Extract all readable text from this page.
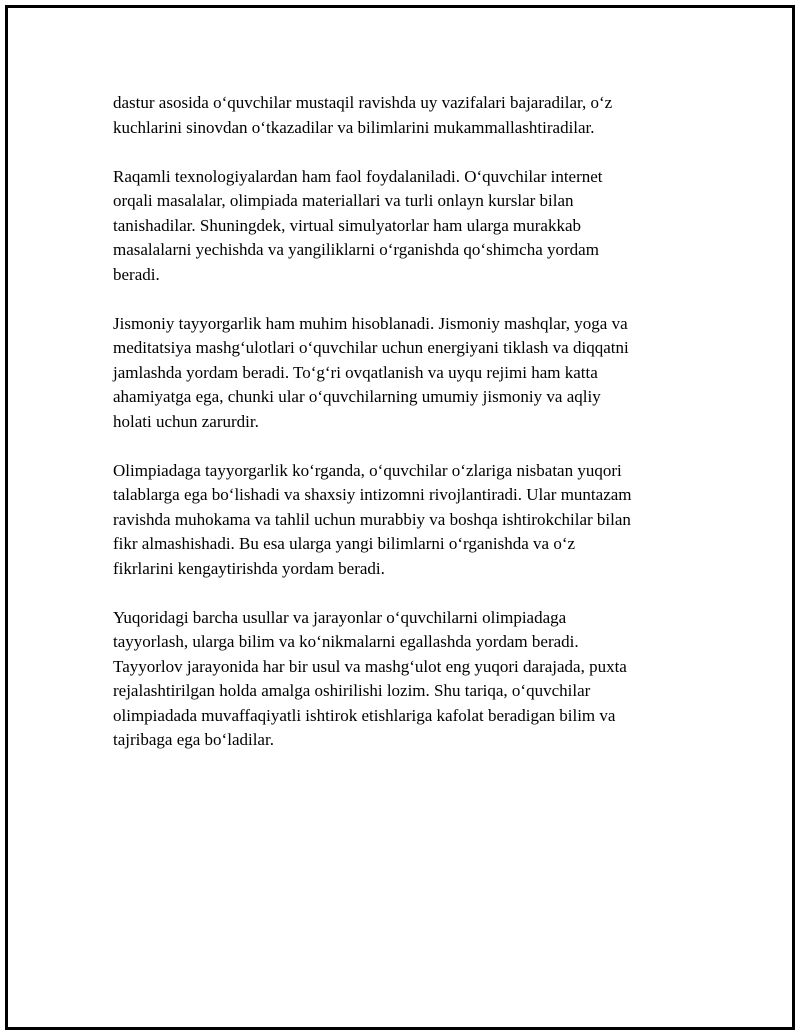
dastur asosida oʻquvchilar mustaqil ravishda uy vazifalari bajaradilar, oʻz
kuchlarini sinovdan oʻtkazadilar va bilimlarini mukammallashtiradilar.

Raqamli texnologiyalardan ham faol foydalaniladi. Oʻquvchilar internet
orqali masalalar, olimpiada materiallari va turli onlayn kurslar bilan
tanishadilar. Shuningdek, virtual simulyatorlar ham ularga murakkab
masalalarni yechishda va yangiliklarni oʻrganishda qoʻshimcha yordam
beradi.

Jismoniy tayyorgarlik ham muhim hisoblanadi. Jismoniy mashqlar, yoga va
meditatsiya mashgʻulotlari oʻquvchilar uchun energiyani tiklash va diqqatni
jamlashda yordam beradi. Toʻgʻri ovqatlanish va uyqu rejimi ham katta
ahamiyatga ega, chunki ular oʻquvchilarning umumiy jismoniy va aqliy
holati uchun zarurdir.

Olimpiadaga tayyorgarlik koʻrganda, oʻquvchilar oʻzlariga nisbatan yuqori
talablarga ega boʻlishadi va shaxsiy intizomni rivojlantiradi. Ular muntazam
ravishda muhokama va tahlil uchun murabbiy va boshqa ishtirokchilar bilan
fikr almashishadi. Bu esa ularga yangi bilimlarni oʻrganishda va oʻz
fikrlarini kengaytirishda yordam beradi.

Yuqoridagi barcha usullar va jarayonlar oʻquvchilarni olimpiadaga
tayyorlash, ularga bilim va koʻnikmalarni egallashda yordam beradi.
Tayyorlov jarayonida har bir usul va mashgʻulot eng yuqori darajada, puxta
rejalashtirilgan holda amalga oshirilishi lozim. Shu tariqa, oʻquvchilar
olimpiadada muvaffaqiyatli ishtirok etishlariga kafolat beradigan bilim va
tajribaga ega boʻladilar.
